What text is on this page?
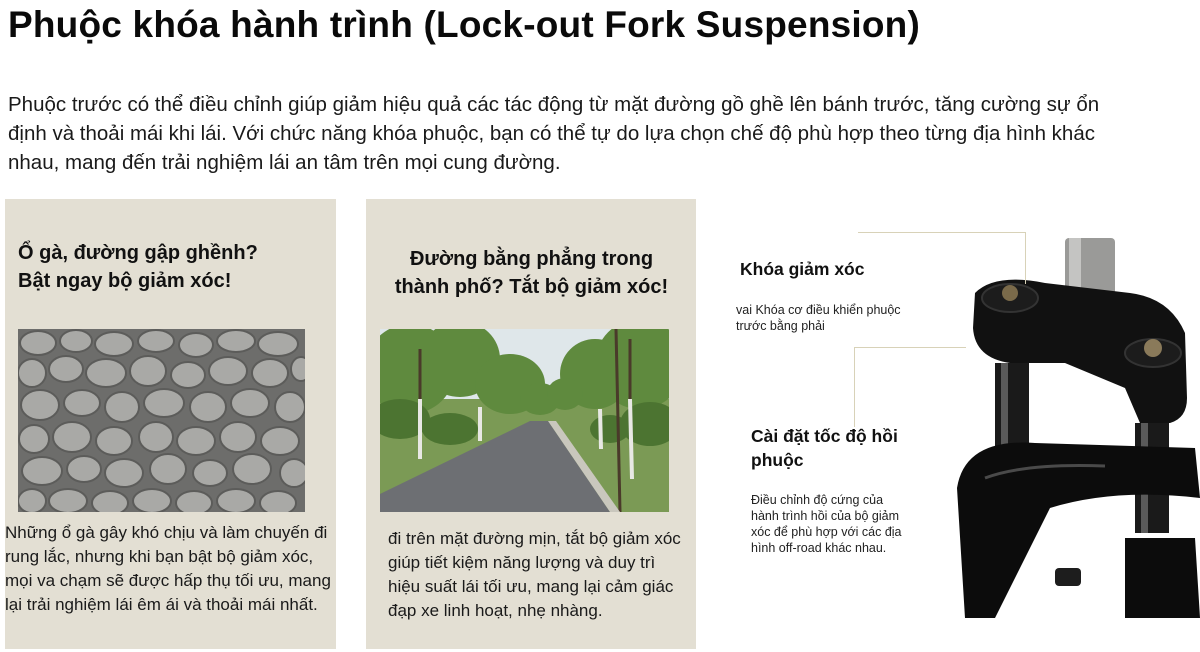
Phuộc khóa hành trình (Lock-out Fork Suspension)

Phuộc trước có thể điều chỉnh giúp giảm hiệu quả các tác động từ mặt đường gồ ghề lên bánh trước, tăng cường sự ổn định và thoải mái khi lái. Với chức năng khóa phuộc, bạn có thể tự do lựa chọn chế độ phù hợp theo từng địa hình khác nhau, mang đến trải nghiệm lái an tâm trên mọi cung đường.

Ổ gà, đường gập ghềnh?
Bật ngay bộ giảm xóc!

Những ổ gà gây khó chịu và làm chuyến đi rung lắc, nhưng khi bạn bật bộ giảm xóc, mọi va chạm sẽ được hấp thụ tối ưu, mang lại trải nghiệm lái êm ái và thoải mái nhất.

Đường bằng phẳng trong
thành phố? Tắt bộ giảm xóc!

đi trên mặt đường mịn, tắt bộ giảm xóc giúp tiết kiệm năng lượng và duy trì hiệu suất lái tối ưu, mang lại cảm giác đạp xe linh hoạt, nhẹ nhàng.

Khóa giảm xóc

vai Khóa cơ điều khiển phuộc
trước bằng phải

Cài đặt tốc độ hồi
phuộc

Điều chỉnh độ cứng của
hành trình hồi của bộ giảm
xóc để phù hợp với các địa
hình off-road khác nhau.
